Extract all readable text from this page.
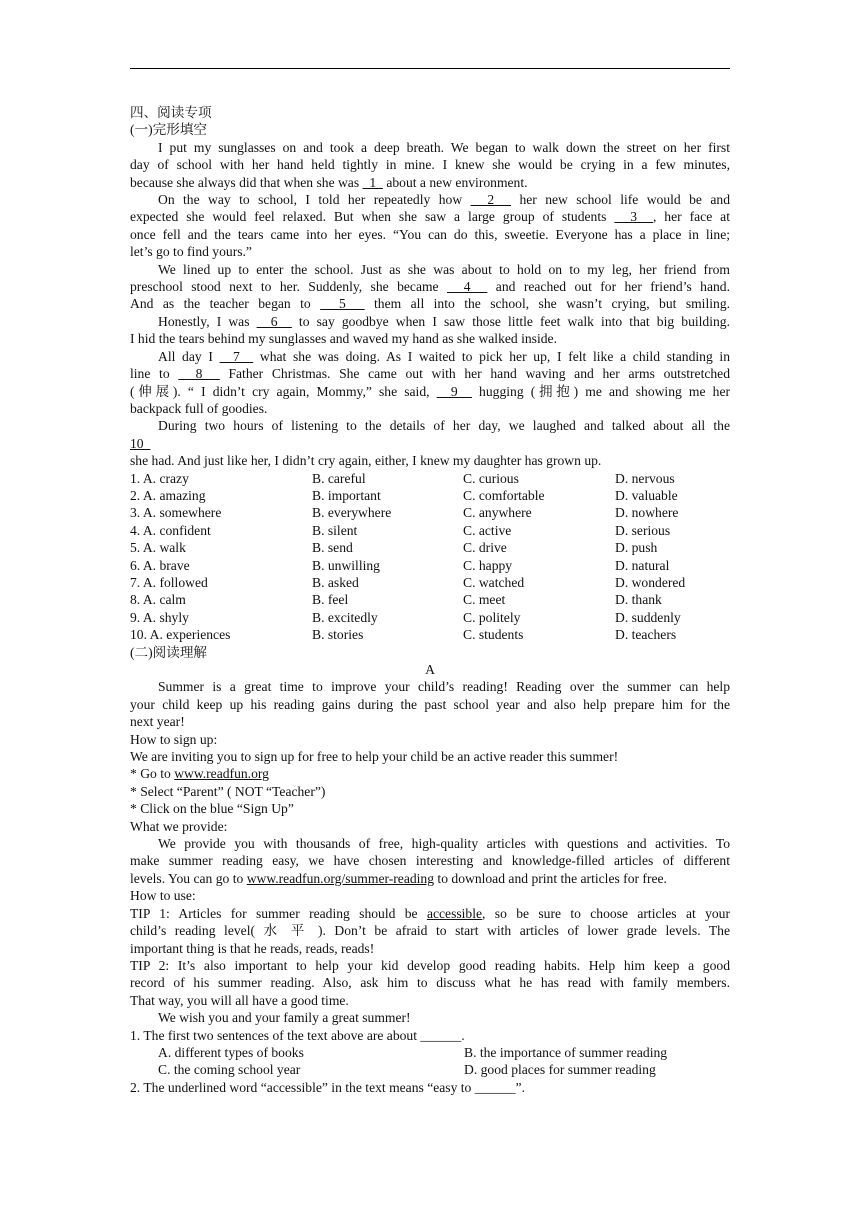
四、阅读专项
(一)完形填空
I put my sunglasses on and took a deep breath. We began to walk down the street on her first
day of school with her hand held tightly in mine. I knew she would be crying in a few minutes,
because she always did that when she was   1   about a new environment.
On the way to school, I told her repeatedly how   2   her new school life would be and
expected she would feel relaxed. But when she saw a large group of students   3  , her face at
once fell and the tears came into her eyes. “You can do this, sweetie. Everyone has a place in line;
let’s go to find yours.”
We lined up to enter the school. Just as she was about to hold on to my leg, her friend from
preschool stood next to her. Suddenly, she became   4   and reached out for her friend’s hand.
And as the teacher began to   5   them all into the school, she wasn’t crying, but smiling.
Honestly, I was   6   to say goodbye when I saw those little feet walk into that big building.
I hid the tears behind my sunglasses and waved my hand as she walked inside.
All day I   7   what she was doing. As I waited to pick her up, I felt like a child standing in
line to   8   Father Christmas. She came out with her hand waving and her arms outstretched
(伸展). “ I didn’t cry again, Mommy,” she said,   9   hugging (拥抱) me and showing me her
backpack full of goodies.
During two hours of listening to the details of her day, we laughed and talked about all the
10
she had. And just like her, I didn’t cry again, either, I knew my daughter has grown up.
1. A. crazy	B. careful	C. curious	D. nervous
2. A. amazing	B. important	C. comfortable	D. valuable
3. A. somewhere	B. everywhere	C. anywhere	D. nowhere
4. A. confident	B. silent	C. active	D. serious
5. A. walk	B. send	C. drive	D. push
6. A. brave	B. unwilling	C. happy	D. natural
7. A. followed	B. asked	C. watched	D. wondered
8. A. calm	B. feel	C. meet	D. thank
9. A. shyly	B. excitedly	C. politely	D. suddenly
10. A. experiences	B. stories	C. students	D. teachers
(二)阅读理解
A
Summer is a great time to improve your child’s reading! Reading over the summer can help
your child keep up his reading gains during the past school year and also help prepare him for the
next year!
How to sign up:
We are inviting you to sign up for free to help your child be an active reader this summer!
* Go to www.readfun.org
* Select “Parent” ( NOT “Teacher”)
* Click on the blue “Sign Up”
What we provide:
We provide you with thousands of free, high-quality articles with questions and activities. To
make summer reading easy, we have chosen interesting and knowledge-filled articles of different
levels. You can go to www.readfun.org/summer-reading to download and print the articles for free.
How to use:
TIP 1: Articles for summer reading should be accessible, so be sure to choose articles at your
child’s reading level( 水 平 ). Don’t be afraid to start with articles of lower grade levels. The
important thing is that he reads, reads, reads!
TIP 2: It’s also important to help your kid develop good reading habits. Help him keep a good
record of his summer reading. Also, ask him to discuss what he has read with family members.
That way, you will all have a good time.
We wish you and your family a great summer!
1. The first two sentences of the text above are about ______.
A. different types of books	B. the importance of summer reading
C. the coming school year	D. good places for summer reading
2. The underlined word “accessible” in the text means “easy to ______”.
